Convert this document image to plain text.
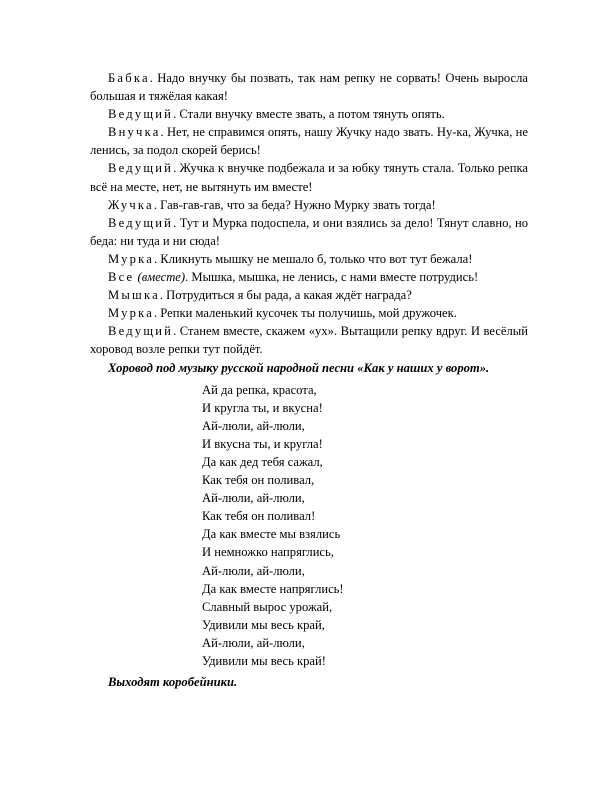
Бабка. Надо внучку бы позвать, так нам репку не сорвать! Очень выросла большая и тяжёлая какая!

Ведущий. Стали внучку вместе звать, а потом тянуть опять.

Внучка. Нет, не справимся опять, нашу Жучку надо звать. Ну-ка, Жучка, не ленись, за подол скорей берись!

Ведущий. Жучка к внучке подбежала и за юбку тянуть стала. Только репка всё на месте, нет, не вытянуть им вместе!

Жучка. Гав-гав-гав, что за беда? Нужно Мурку звать тогда!

Ведущий. Тут и Мурка подоспела, и они взялись за дело! Тянут славно, но беда: ни туда и ни сюда!

Мурка. Кликнуть мышку не мешало б, только что вот тут бежала!

Все (вместе). Мышка, мышка, не ленись, с нами вместе потрудись!

Мышка. Потрудиться я бы рада, а какая ждёт награда?

Мурка. Репки маленький кусочек ты получишь, мой дружочек.

Ведущий. Станем вместе, скажем «ух». Вытащили репку вдруг. И весёлый хоровод возле репки тут пойдёт.

Хоровод под музыку русской народной песни «Как у наших у ворот».

Ай да репка, красота,

И кругла ты, и вкусна!

Ай-люли, ай-люли,

И вкусна ты, и кругла!

Да как дед тебя сажал,

Как тебя он поливал,

Ай-люли, ай-люли,

Как тебя он поливал!

Да как вместе мы взялись

И немножко напряглись,

Ай-люли, ай-люли,

Да как вместе напряглись!

Славный вырос урожай,

Удивили мы весь край,

Ай-люли, ай-люли,

Удивили мы весь край!

Выходят коробейники.
